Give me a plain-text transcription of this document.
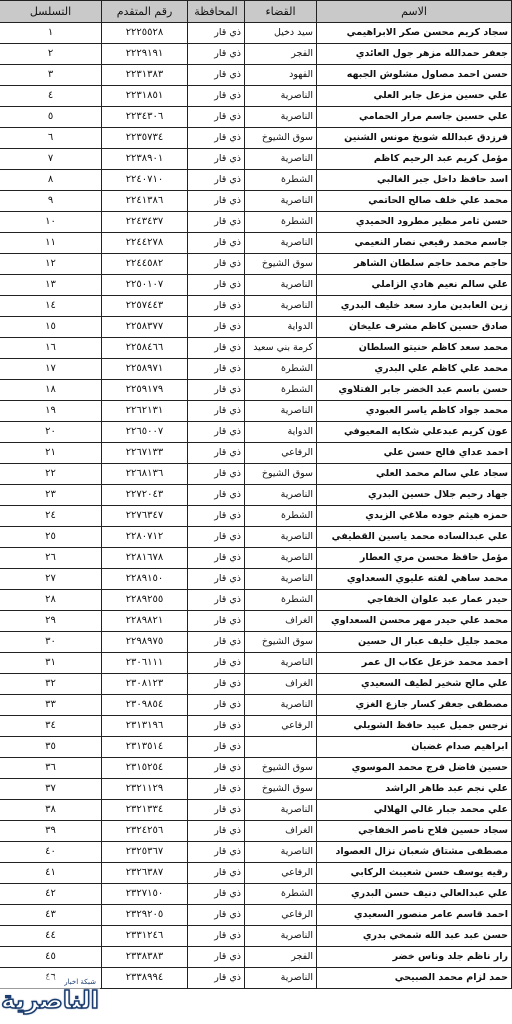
الاسم	القضاء	المحافظة	رقم المتقدم	التسلسل
سجاد كريم محسن صكر الابراهيمي	سيد دخيل	ذي قار	٢٢٢٥٥٢٨	١
جعفر حمدالله مزهر جول العائدي	الفجر	ذي قار	٢٢٢٩١٩١	٢
حسن احمد مصاول مشلوش الجبهه	الفهود	ذي قار	٢٢٣١٣٨٣	٣
علي حسين مزعل جابر العلي	الناصرية	ذي قار	٢٢٣١٨٥١	٤
علي حسين جاسم مرار الحمامي	الناصرية	ذي قار	٢٢٣٤٣٠٦	٥
فرزدق عبدالله شويخ مونس الشنين	سوق الشيوخ	ذي قار	٢٢٣٥٧٣٤	٦
مؤمل كريم عبد الرحيم كاظم	الناصرية	ذي قار	٢٢٣٨٩٠١	٧
اسد حافظ داخل جبر الغالبي	الشطرة	ذي قار	٢٢٤٠٧١٠	٨
محمد علي خلف صالح الحاتمي	الناصرية	ذي قار	٢٢٤١٣٨٦	٩
حسن ثامر مطير مطرود الحميدي	الشطرة	ذي قار	٢٢٤٣٤٣٧	١٠
جاسم محمد رفيعي نصار النعيمي	الناصرية	ذي قار	٢٢٤٤٢٧٨	١١
حاجم محمد حاجم سلطان الشاهر	سوق الشيوخ	ذي قار	٢٢٤٤٥٨٢	١٢
علي سالم نعيم هادي الزاملي	الناصرية	ذي قار	٢٢٥٠١٠٧	١٣
زين العابدين مارد سعد خليف البدري	الناصرية	ذي قار	٢٢٥٧٤٤٣	١٤
صادق حسين كاظم مشرف عليخان	الدواية	ذي قار	٢٢٥٨٣٧٧	١٥
محمد سعد كاظم حنيتو السلطان	كرمة بني سعيد	ذي قار	٢٢٥٨٤٦٦	١٦
محمد علي كاظم علي البدري	الشطرة	ذي قار	٢٢٥٨٩٧١	١٧
حسن باسم عبد الخضر جابر الفتلاوي	الشطرة	ذي قار	٢٢٥٩١٧٩	١٨
محمد جواد كاظم ياسر العبودي	الناصرية	ذي قار	٢٢٦٢١٣١	١٩
عون كريم عبدعلي شكايه المعيوفي	الدواية	ذي قار	٢٢٦٥٠٠٧	٢٠
احمد عداي فالح حسن علي	الرفاعي	ذي قار	٢٢٦٧١٣٣	٢١
سجاد علي سالم محمد العلي	سوق الشيوخ	ذي قار	٢٢٦٨١٣٦	٢٢
جهاد رحيم جلال حسين البدري	الناصرية	ذي قار	٢٢٧٢٠٤٣	٢٣
حمزه هيثم جوده ملاغي الزيدي	الشطرة	ذي قار	٢٢٧٦٣٤٧	٢٤
علي عبدالساده محمد ياسين القطيفي	الناصرية	ذي قار	٢٢٨٠٧١٢	٢٥
مؤمل حافظ محسن مري العطار	الناصرية	ذي قار	٢٢٨١٦٧٨	٢٦
محمد ساهي لفته عليوي السعداوي	الناصرية	ذي قار	٢٢٨٩١٥٠	٢٧
حيدر عمار عبد علوان الخفاجي	الشطرة	ذي قار	٢٢٨٩٢٥٥	٢٨
محمد علي حيدر مهر محسن السعداوي	الغراف	ذي قار	٢٢٨٩٨٢١	٢٩
محمد جليل خليف عبار ال حسين	سوق الشيوخ	ذي قار	٢٢٩٨٩٧٥	٣٠
احمد محمد خزعل عكاب ال عمر	الناصرية	ذي قار	٢٣٠٦١١١	٣١
علي مالح شخير لطيف السعيدي	الغراف	ذي قار	٢٣٠٨١٢٣	٣٢
مصطفى جعفر كسار جازع الغزي	الناصرية	ذي قار	٢٣٠٩٨٥٤	٣٣
نرجس جميل عبيد حافظ الشويلي	الرفاعي	ذي قار	٢٣١٣١٩٦	٣٤
ابراهيم صدام غضبان		ذي قار	٢٣١٣٥١٤	٣٥
حسين فاضل فرج محمد الموسوي	سوق الشيوخ	ذي قار	٢٣١٥٢٥٤	٣٦
علي نجم عبد طاهر الراشد	سوق الشيوخ	ذي قار	٢٣٢١١٢٩	٣٧
علي محمد جبار غالي الهلالي	الناصرية	ذي قار	٢٣٢١٣٣٤	٣٨
سجاد حسين فلاح ناصر الخفاجي	الغراف	ذي قار	٢٣٢٤٢٥٦	٣٩
مصطفى مشتاق شعبان نزال العصواد	الناصرية	ذي قار	٢٣٢٥٣٦٧	٤٠
رقيه يوسف حسن شعيبث الركابي	الرفاعي	ذي قار	٢٣٢٦٣٨٧	٤١
علي عبدالعالي دنيف حسن البدري	الشطرة	ذي قار	٢٣٢٧١٥٠	٤٢
احمد قاسم عامر منصور السعيدي	الرفاعي	ذي قار	٢٣٢٩٢٠٥	٤٣
حسن عبد عبد الله شمخي بدري	الناصرية	ذي قار	٢٣٣١٢٤٦	٤٤
رار ناظم جلد وناس خضر	الفجر	ذي قار	٢٣٣٨٣٨٣	٤٥
حمد لزام محمد الصبيحي	الناصرية	ذي قار	٢٣٣٨٩٩٤	
شبكة اخبار
الناصرية
